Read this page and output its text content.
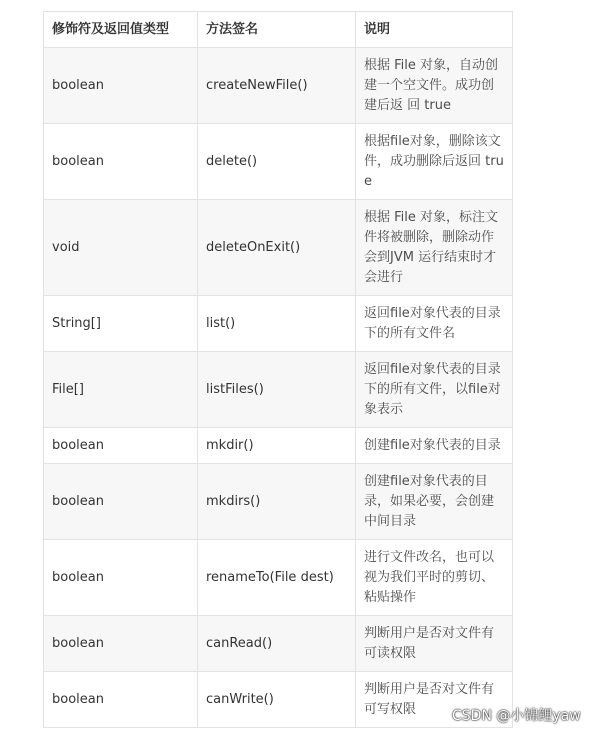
修饰符及返回值类型	方法签名	说明
boolean	createNewFile()	根据 File 对象，自动创建一个空文件。成功创建后返 回 true
boolean	delete()	根据file对象，删除该文件，成功删除后返回 true
void	deleteOnExit()	根据 File 对象，标注文件将被删除，删除动作会到JVM 运行结束时才会进行
String[]	list()	返回file对象代表的目录下的所有文件名
File[]	listFiles()	返回file对象代表的目录下的所有文件，以file对象表示
boolean	mkdir()	创建file对象代表的目录
boolean	mkdirs()	创建file对象代表的目录，如果必要，会创建中间目录
boolean	renameTo(File dest)	进行文件改名，也可以视为我们平时的剪切、粘贴操作
boolean	canRead()	判断用户是否对文件有可读权限
boolean	canWrite()	判断用户是否对文件有可写权限	CSDN @小锦鲤yaw
